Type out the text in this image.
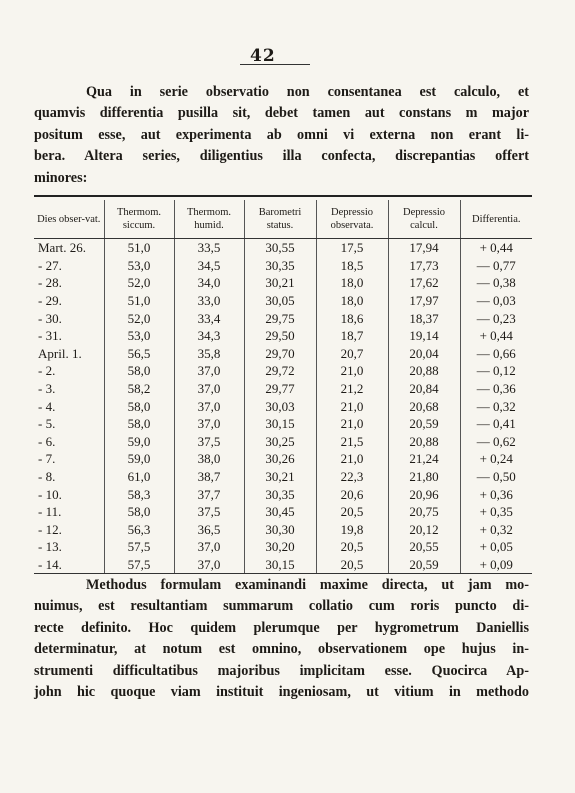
42
Qua in serie observatio non consentanea est calculo, et
quamvis differentia pusilla sit, debet tamen aut constans m major
positum esse, aut experimenta ab omni vi externa non erant li-
bera. Altera series, diligentius illa confecta, discrepantias offert
minores:
Dies obser-vat.	Thermom. siccum.	Thermom. humid.	Barometri status.	Depressio observata.	Depressio calcul.	Differentia.
Mart. 26.	51,0	33,5	30,55	17,5	17,94	+ 0,44
- 27.	53,0	34,5	30,35	18,5	17,73	— 0,77
- 28.	52,0	34,0	30,21	18,0	17,62	— 0,38
- 29.	51,0	33,0	30,05	18,0	17,97	— 0,03
- 30.	52,0	33,4	29,75	18,6	18,37	— 0,23
- 31.	53,0	34,3	29,50	18,7	19,14	+ 0,44
April. 1.	56,5	35,8	29,70	20,7	20,04	— 0,66
- 2.	58,0	37,0	29,72	21,0	20,88	— 0,12
- 3.	58,2	37,0	29,77	21,2	20,84	— 0,36
- 4.	58,0	37,0	30,03	21,0	20,68	— 0,32
- 5.	58,0	37,0	30,15	21,0	20,59	— 0,41
- 6.	59,0	37,5	30,25	21,5	20,88	— 0,62
- 7.	59,0	38,0	30,26	21,0	21,24	+ 0,24
- 8.	61,0	38,7	30,21	22,3	21,80	— 0,50
- 10.	58,3	37,7	30,35	20,6	20,96	+ 0,36
- 11.	58,0	37,5	30,45	20,5	20,75	+ 0,35
- 12.	56,3	36,5	30,30	19,8	20,12	+ 0,32
- 13.	57,5	37,0	30,20	20,5	20,55	+ 0,05
- 14.	57,5	37,0	30,15	20,5	20,59	+ 0,09
Methodus formulam examinandi maxime directa, ut jam mo-
nuimus, est resultantiam summarum collatio cum roris puncto di-
recte definito. Hoc quidem plerumque per hygrometrum Daniellis
determinatur, at notum est omnino, observationem ope hujus in-
strumenti difficultatibus majoribus implicitam esse. Quocirca Ap-
john hic quoque viam instituit ingeniosam, ut vitium in methodo
